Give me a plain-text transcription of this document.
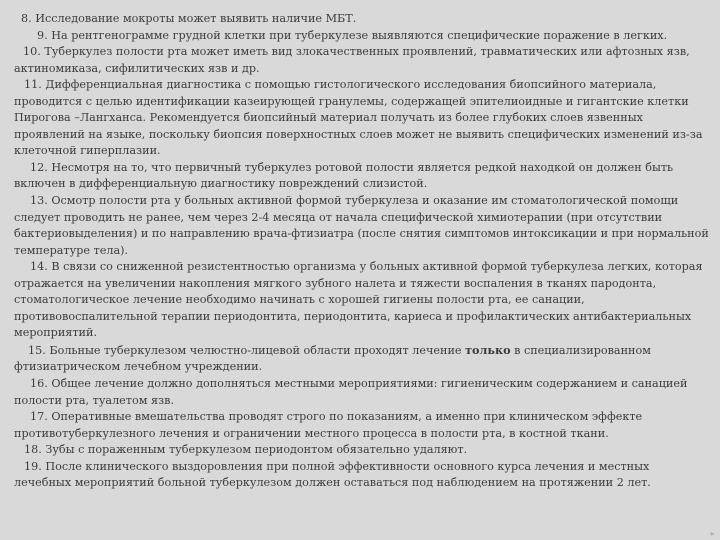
8. Исследование мокроты может выявить наличие МБТ.
9. На рентгенограмме грудной клетки при туберкулезе выявляются специфические поражение в легких.
10. Туберкулез полости рта может иметь вид злокачественных проявлений, травматических или афтозных язв, актиномиказа, сифилитических язв и др.
11. Дифференциальная диагностика с помощью гистологического исследования биопсийного материала, проводится с целью идентификации казеирующей гранулемы, содержащей эпителиоидные и гигантские клетки Пирогова –Лангханса. Рекомендуется биопсийный материал получать из более глубоких слоев язвенных проявлений на языке, поскольку биопсия поверхностных слоев может не выявить специфических изменений из-за клеточной гиперплазии.
12. Несмотря на то, что первичный туберкулез ротовой полости является редкой находкой он должен быть включен в дифференциальную диагностику повреждений слизистой.
13. Осмотр полости рта у больных активной формой туберкулеза и оказание им стоматологической помощи следует проводить не ранее, чем через 2-4 месяца от начала специфической химиотерапии (при отсутствии бактериовыделения) и по направлению врача-фтизиатра (после снятия симптомов интоксикации и при нормальной температуре тела).
14. В связи со сниженной резистентностью организма у больных активной формой туберкулеза легких, которая отражается на увеличении накопления мягкого зубного налета и тяжести воспаления в тканях пародонта, стоматологическое лечение необходимо начинать с хорошей гигиены полости рта, ее санации, противовоспалительной терапии периодонтита, периодонтита, кариеса и профилактических антибактериальных мероприятий.
15. Больные туберкулезом челюстно-лицевой области проходят лечение только в специализированном фтизиатрическом лечебном учреждении.
16. Общее лечение должно дополняться местными мероприятиями: гигиеническим содержанием и санацией полости рта, туалетом язв.
17. Оперативные вмешательства проводят строго по показаниям, а именно при клиническом эффекте противотуберкулезного лечения и ограничении местного процесса в полости рта, в костной ткани.
18. Зубы с пораженным туберкулезом периодонтом обязательно удаляют.
19. После клинического выздоровления при полной эффективности основного курса лечения и местных лечебных мероприятий больной туберкулезом должен оставаться под наблюдением на протяжении 2 лет.
▸
